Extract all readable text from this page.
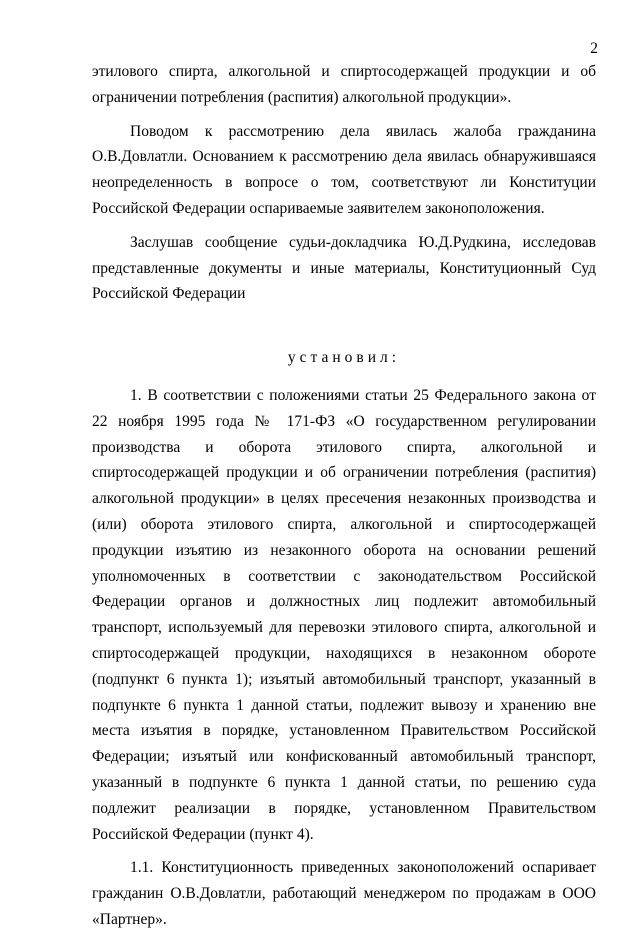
2

этилового спирта, алкогольной и спиртосодержащей продукции и об ограничении потребления (распития) алкогольной продукции».

Поводом к рассмотрению дела явилась жалоба гражданина О.В.Довлатли. Основанием к рассмотрению дела явилась обнаружившаяся неопределенность в вопросе о том, соответствуют ли Конституции Российской Федерации оспариваемые заявителем законоположения.

Заслушав сообщение судьи-докладчика Ю.Д.Рудкина, исследовав представленные документы и иные материалы, Конституционный Суд Российской Федерации

установил:

1. В соответствии с положениями статьи 25 Федерального закона от 22 ноября 1995 года № 171-ФЗ «О государственном регулировании производства и оборота этилового спирта, алкогольной и спиртосодержащей продукции и об ограничении потребления (распития) алкогольной продукции» в целях пресечения незаконных производства и (или) оборота этилового спирта, алкогольной и спиртосодержащей продукции изъятию из незаконного оборота на основании решений уполномоченных в соответствии с законодательством Российской Федерации органов и должностных лиц подлежит автомобильный транспорт, используемый для перевозки этилового спирта, алкогольной и спиртосодержащей продукции, находящихся в незаконном обороте (подпункт 6 пункта 1); изъятый автомобильный транспорт, указанный в подпункте 6 пункта 1 данной статьи, подлежит вывозу и хранению вне места изъятия в порядке, установленном Правительством Российской Федерации; изъятый или конфискованный автомобильный транспорт, указанный в подпункте 6 пункта 1 данной статьи, по решению суда подлежит реализации в порядке, установленном Правительством Российской Федерации (пункт 4).

1.1. Конституционность приведенных законоположений оспаривает гражданин О.В.Довлатли, работающий менеджером по продажам в ООО «Партнер».
